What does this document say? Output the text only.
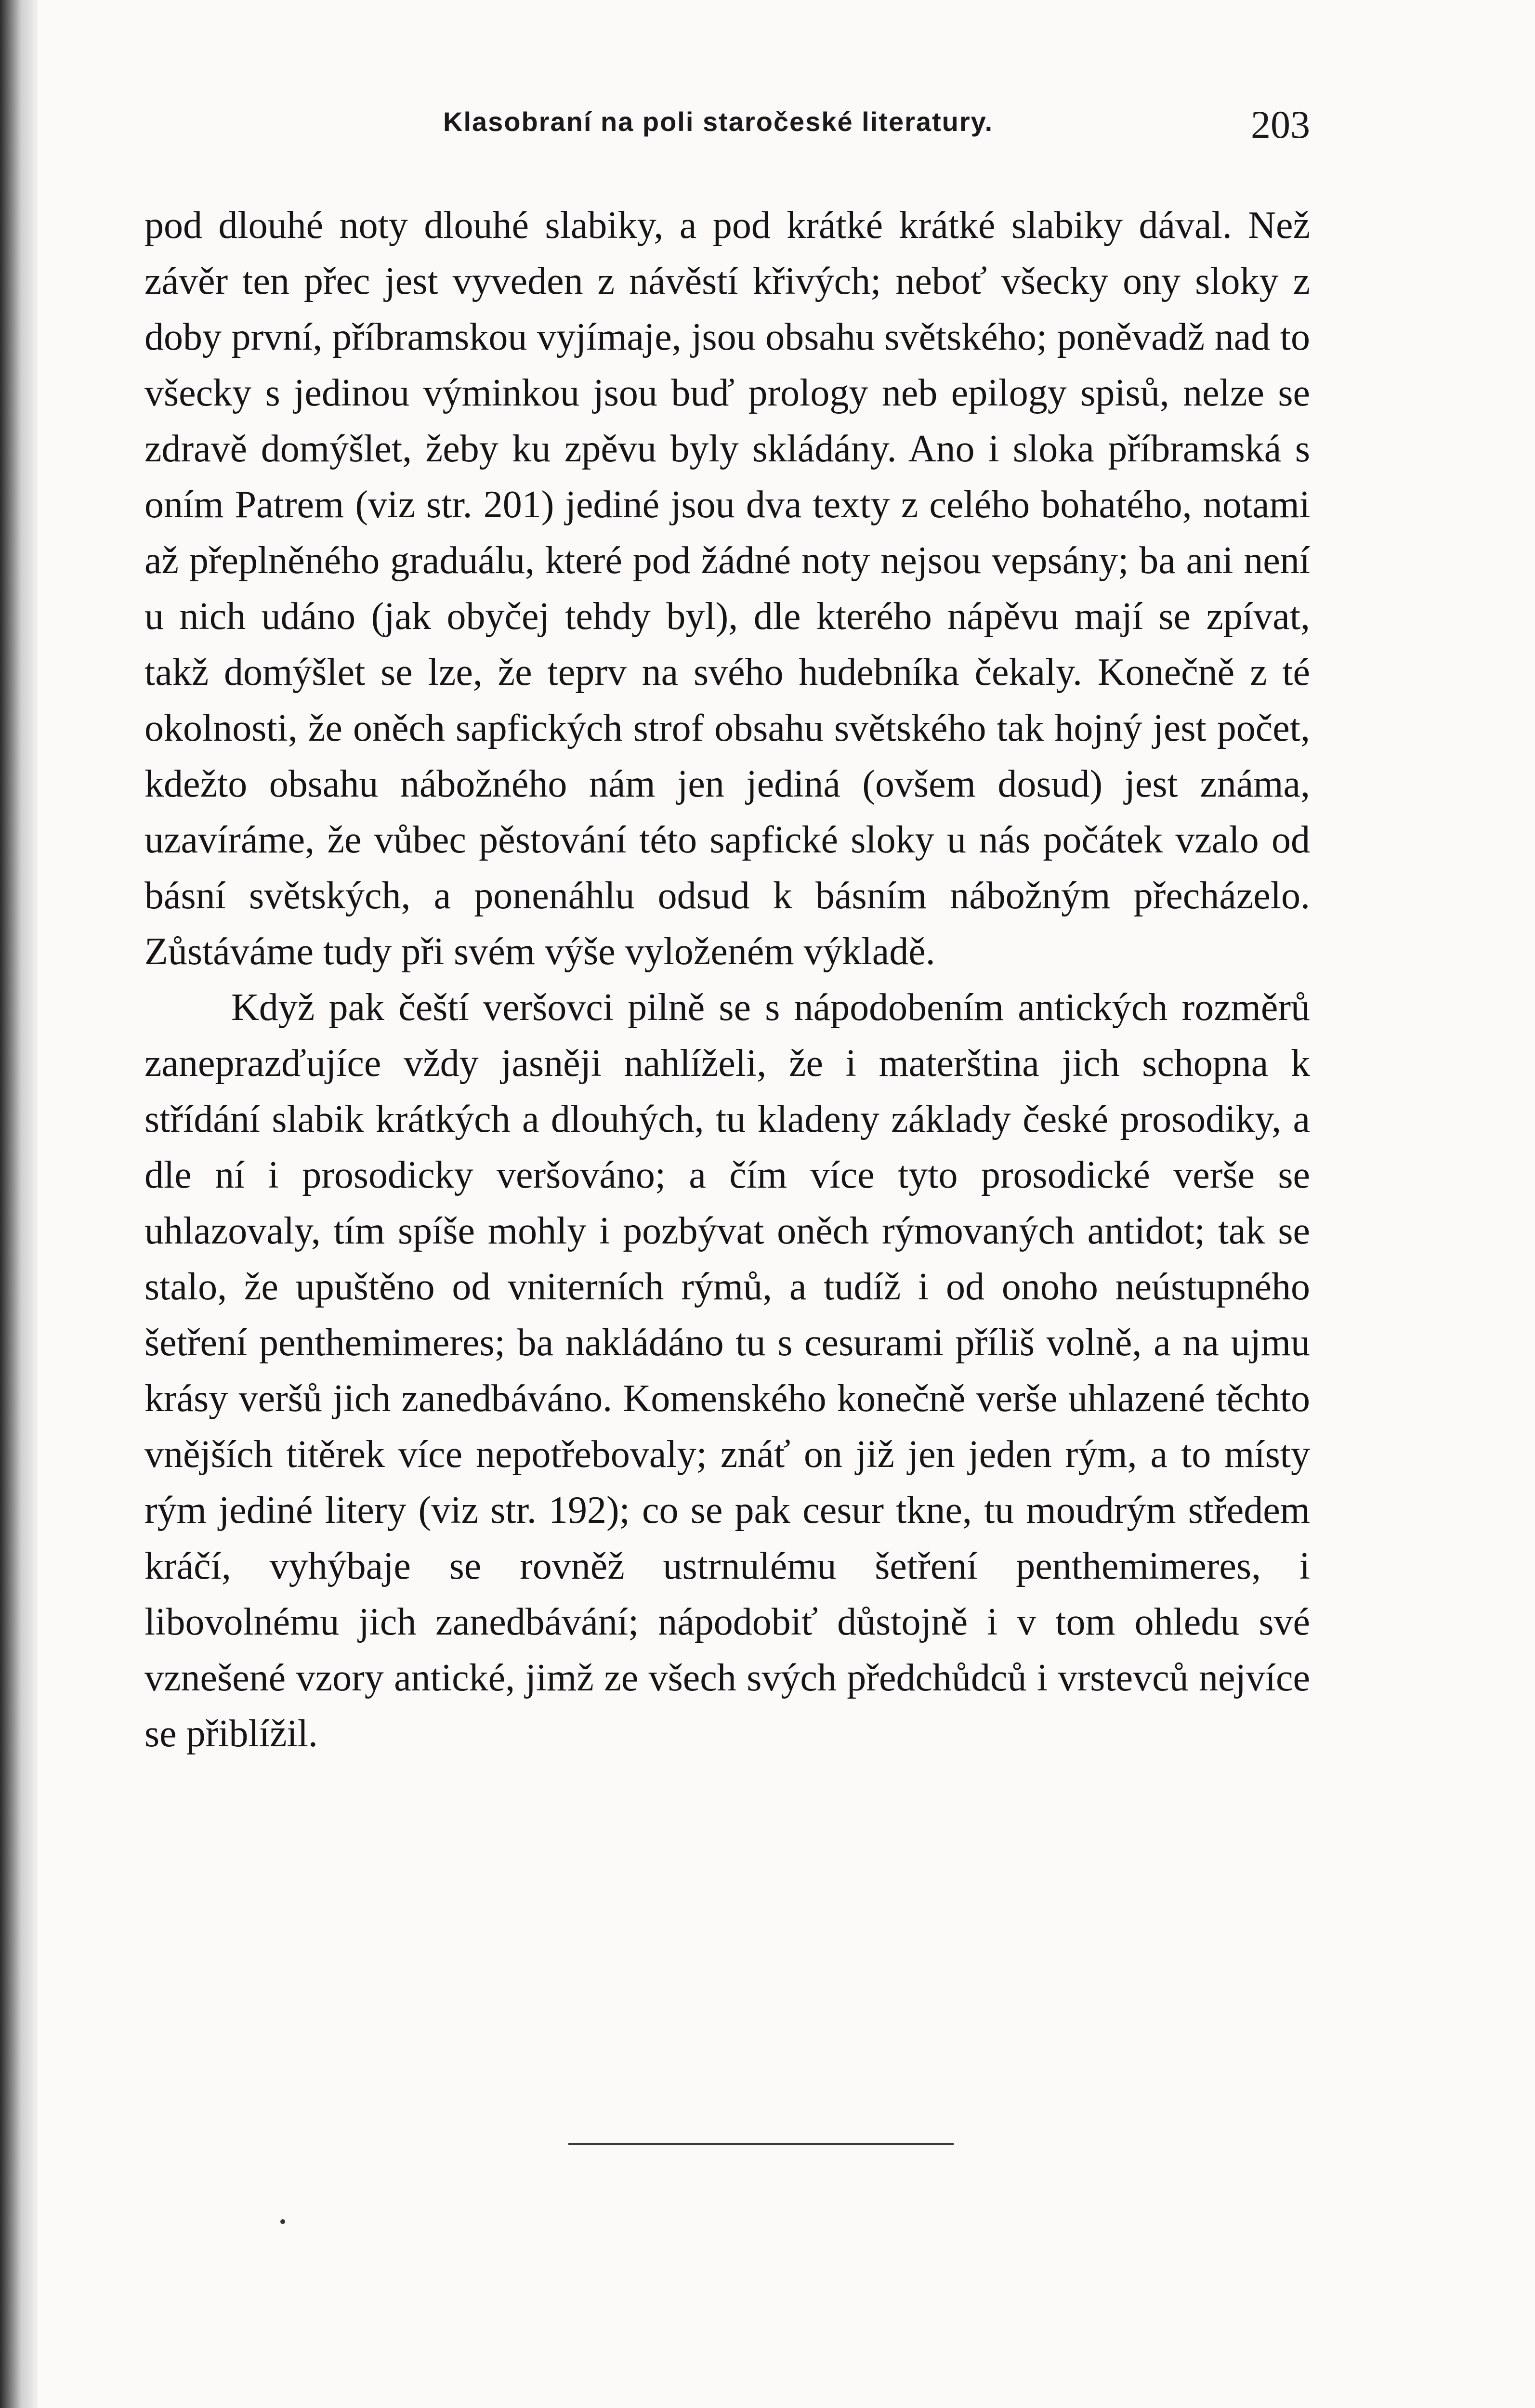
Klasobraní na poli staročeské literatury.	203

pod dlouhé noty dlouhé slabiky, a pod krátké krátké slabiky dával. Než závěr ten přec jest vyveden z návěstí křivých; neboť všecky ony sloky z doby první, příbramskou vyjímaje, jsou obsahu světského; poněvadž nad to všecky s jedinou výminkou jsou buď prology neb epilogy spisů, nelze se zdravě domýšlet, žeby ku zpěvu byly skládány. Ano i sloka příbramská s oním Patrem (viz str. 201) jediné jsou dva texty z celého bohatého, notami až přeplněného graduálu, které pod žádné noty nejsou vepsány; ba ani není u nich udáno (jak obyčej tehdy byl), dle kterého nápěvu mají se zpívat, takž domýšlet se lze, že teprv na svého hudebníka čekaly. Konečně z té okolnosti, že oněch sapfických strof obsahu světského tak hojný jest počet, kdežto obsahu nábožného nám jen jediná (ovšem dosud) jest známa, uzavíráme, že vůbec pěstování této sapfické sloky u nás počátek vzalo od básní světských, a ponenáhlu odsud k básním nábožným přecházelo. Zůstáváme tudy při svém výše vyloženém výkladě.

Když pak čeští veršovci pilně se s nápodobením antických rozměrů zaneprazďujíce vždy jasněji nahlíželi, že i materština jich schopna k střídání slabik krátkých a dlouhých, tu kladeny základy české prosodiky, a dle ní i prosodicky veršováno; a čím více tyto prosodické verše se uhlazovaly, tím spíše mohly i pozbývat oněch rýmovaných antidot; tak se stalo, že upuštěno od vniterních rýmů, a tudíž i od onoho neústupného šetření penthemimeres; ba nakládáno tu s cesurami příliš volně, a na ujmu krásy veršů jich zanedbáváno. Komenského konečně verše uhlazené těchto vnějších titěrek více nepotřebovaly; znáť on již jen jeden rým, a to místy rým jediné litery (viz str. 192); co se pak cesur tkne, tu moudrým středem kráčí, vyhýbaje se rovněž ustrnulému šetření penthemimeres, i libovolnému jich zanedbávání; nápodobiť důstojně i v tom ohledu své vznešené vzory antické, jimž ze všech svých předchůdců i vrstevců nejvíce se přiblížil.
